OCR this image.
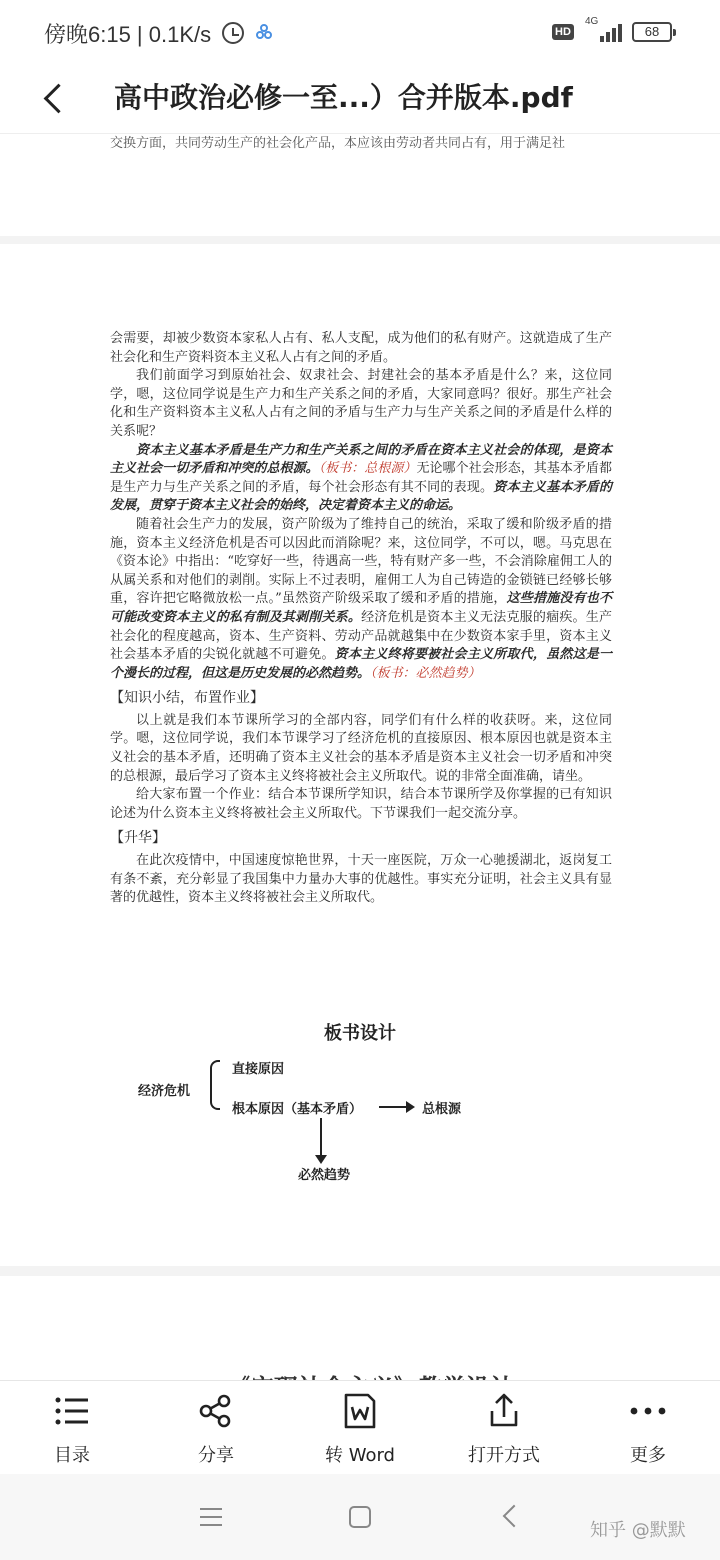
傍晚6:15 | 0.1K/s	HD
4G
68
高中政治必修一至...）合并版本.pdf
交换方面，共同劳动生产的社会化产品，本应该由劳动者共同占有，用于满足社

会需要，却被少数资本家私人占有、私人支配，成为他们的私有财产。这就造成了生产社会化和生产资料资本主义私人占有之间的矛盾。

我们前面学习到原始社会、奴隶社会、封建社会的基本矛盾是什么？来，这位同学，嗯，这位同学说是生产力和生产关系之间的矛盾，大家同意吗？很好。那生产社会化和生产资料资本主义私人占有之间的矛盾与生产力与生产关系之间的矛盾是什么样的关系呢？

资本主义基本矛盾是生产力和生产关系之间的矛盾在资本主义社会的体现，是资本主义社会一切矛盾和冲突的总根源。（板书：总根源）无论哪个社会形态，其基本矛盾都是生产力与生产关系之间的矛盾，每个社会形态有其不同的表现。资本主义基本矛盾的发展，贯穿于资本主义社会的始终，决定着资本主义的命运。

随着社会生产力的发展，资产阶级为了维持自己的统治，采取了缓和阶级矛盾的措施，资本主义经济危机是否可以因此而消除呢？来，这位同学，不可以，嗯。马克思在《资本论》中指出：“吃穿好一些，待遇高一些，特有财产多一些，不会消除雇佣工人的从属关系和对他们的剥削。实际上不过表明，雇佣工人为自己铸造的金锁链已经够长够重，容许把它略微放松一点。”虽然资产阶级采取了缓和矛盾的措施，这些措施没有也不可能改变资本主义的私有制及其剥削关系。经济危机是资本主义无法克服的痼疾。生产社会化的程度越高，资本、生产资料、劳动产品就越集中在少数资本家手里，资本主义社会基本矛盾的尖锐化就越不可避免。资本主义终将要被社会主义所取代，虽然这是一个漫长的过程，但这是历史发展的必然趋势。（板书：必然趋势）

【知识小结，布置作业】

以上就是我们本节课所学习的全部内容，同学们有什么样的收获呀。来，这位同学。嗯，这位同学说，我们本节课学习了经济危机的直接原因、根本原因也就是资本主义社会的基本矛盾，还明确了资本主义社会的基本矛盾是资本主义社会一切矛盾和冲突的总根源，最后学习了资本主义终将被社会主义所取代。说的非常全面准确，请坐。

给大家布置一个作业：结合本节课所学知识，结合本节课所学及你掌握的已有知识论述为什么资本主义终将被社会主义所取代。下节课我们一起交流分享。

【升华】

在此次疫情中，中国速度惊艳世界，十天一座医院，万众一心驰援湖北，返岗复工有条不紊，充分彰显了我国集中力量办大事的优越性。事实充分证明，社会主义具有显著的优越性，资本主义终将被社会主义所取代。

板书设计
经济危机
直接原因
根本原因（基本矛盾）	总根源
必然趋势
目录	分享	转 Word	打开方式	更多
知乎 @默默
